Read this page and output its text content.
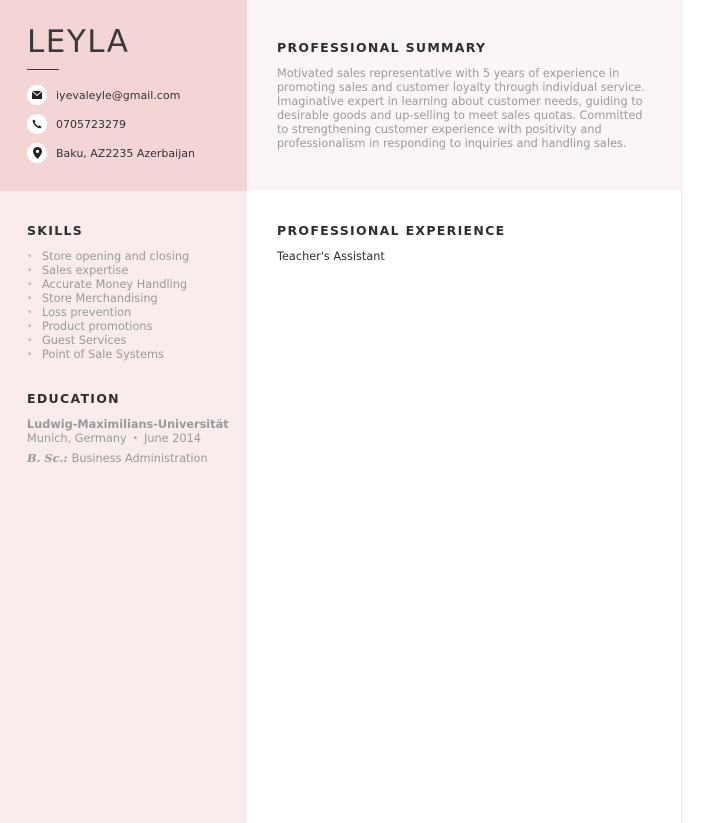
LEYLA
iyevaleyle@gmail.com
0705723279
Baku, AZ2235 Azerbaijan
PROFESSIONAL SUMMARY
Motivated sales representative with 5 years of experience in promoting sales and customer loyalty through individual service. Imaginative expert in learning about customer needs, guiding to desirable goods and up-selling to meet sales quotas. Committed to strengthening customer experience with positivity and professionalism in responding to inquiries and handling sales.
SKILLS
• Store opening and closing
• Sales expertise
• Accurate Money Handling
• Store Merchandising
• Loss prevention
• Product promotions
• Guest Services
• Point of Sale Systems
EDUCATION
Ludwig-Maximilians-Universität
Munich, Germany • June 2014
B. Sc.: Business Administration
PROFESSIONAL EXPERIENCE
Teacher's Assistant
